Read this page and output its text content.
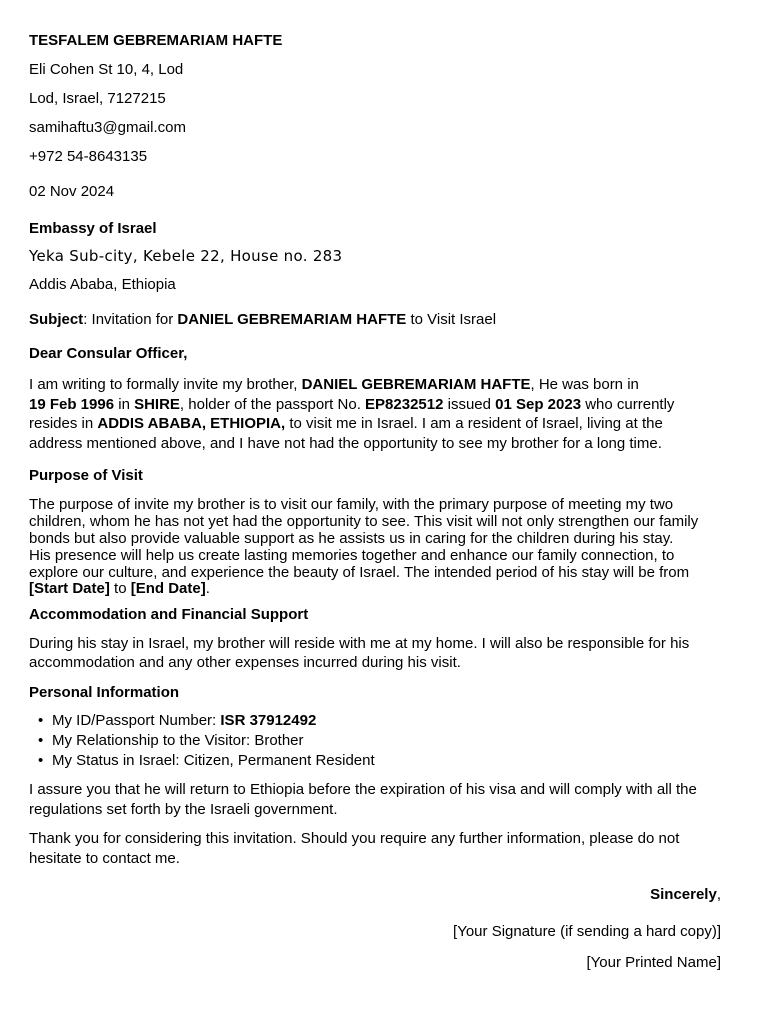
TESFALEM GEBREMARIAM HAFTE
Eli Cohen St 10, 4, Lod
Lod, Israel, 7127215
samihaftu3@gmail.com
+972 54-8643135
02 Nov 2024
Embassy of Israel
Yeka Sub-city, Kebele 22, House no. 283
Addis Ababa, Ethiopia
Subject: Invitation for DANIEL GEBREMARIAM HAFTE to Visit Israel
Dear Consular Officer,
I am writing to formally invite my brother, DANIEL GEBREMARIAM HAFTE, He was born in
19 Feb 1996 in SHIRE, holder of the passport No. EP8232512 issued 01 Sep 2023 who currently
resides in ADDIS ABABA, ETHIOPIA, to visit me in Israel. I am a resident of Israel, living at the
address mentioned above, and I have not had the opportunity to see my brother for a long time.
Purpose of Visit
The purpose of invite my brother is to visit our family, with the primary purpose of meeting my two
children, whom he has not yet had the opportunity to see. This visit will not only strengthen our family
bonds but also provide valuable support as he assists us in caring for the children during his stay.
His presence will help us create lasting memories together and enhance our family connection, to
explore our culture, and experience the beauty of Israel. The intended period of his stay will be from
[Start Date] to [End Date].
Accommodation and Financial Support
During his stay in Israel, my brother will reside with me at my home. I will also be responsible for his
accommodation and any other expenses incurred during his visit.
Personal Information
• My ID/Passport Number: ISR 37912492
• My Relationship to the Visitor: Brother
• My Status in Israel: Citizen, Permanent Resident
I assure you that he will return to Ethiopia before the expiration of his visa and will comply with all the
regulations set forth by the Israeli government.
Thank you for considering this invitation. Should you require any further information, please do not
hesitate to contact me.
Sincerely,
[Your Signature (if sending a hard copy)]
[Your Printed Name]
